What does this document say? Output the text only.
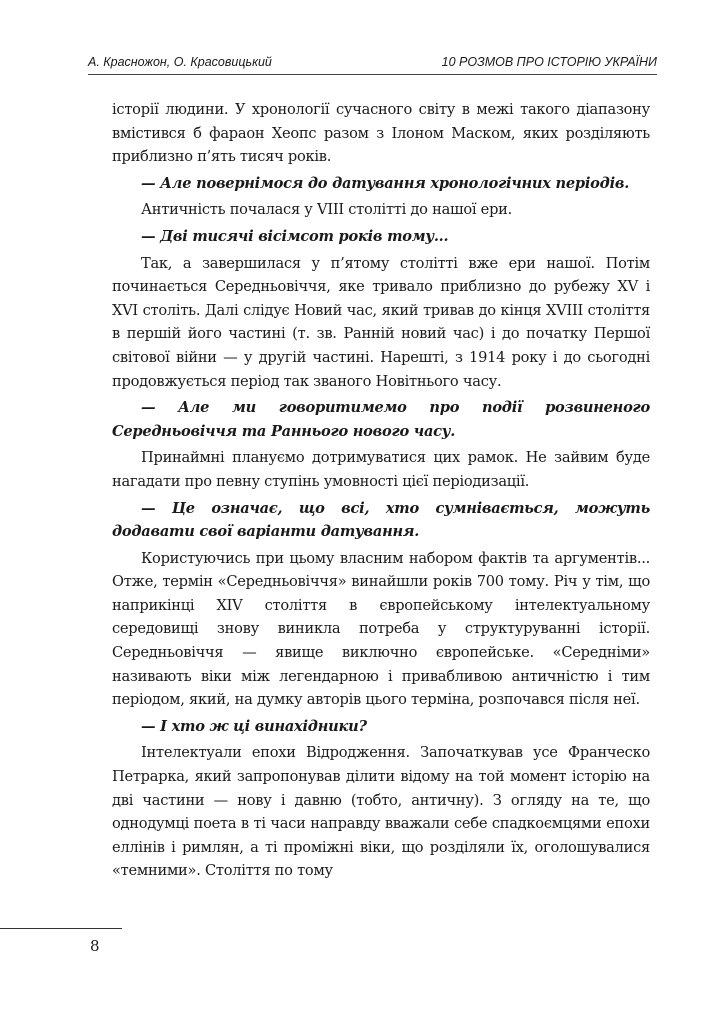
А. Красножон, О. Красовицький	10 РОЗМОВ ПРО ІСТОРІЮ УКРАЇНИ

історії людини. У хронології сучасного світу в межі такого діапазону вмістився б фараон Хеопс разом з Ілоном Маском, яких розділяють приблизно п’ять тисяч років.

— Але повернімося до датування хронологічних періодів.

Античність почалася у VIII столітті до нашої ери.

— Дві тисячі вісімсот років тому...

Так, а завершилася у п’ятому столітті вже ери нашої. Потім починається Середньовіччя, яке тривало приблизно до рубежу XV і XVI століть. Далі слідує Новий час, який тривав до кінця XVIII століття в першій його частині (т. зв. Ранній новий час) і до початку Першої світової війни — у другій частині. Нарешті, з 1914 року і до сьогодні продовжується період так званого Новітнього часу.

— Але ми говоритимемо про події розвиненого Середньовіччя та Раннього нового часу.

Принаймні плануємо дотримуватися цих рамок. Не зайвим буде нагадати про певну ступінь умовності цієї періодизації.

— Це означає, що всі, хто сумнівається, можуть додавати свої варіанти датування.

Користуючись при цьому власним набором фактів та аргументів... Отже, термін «Середньовіччя» винайшли років 700 тому. Річ у тім, що наприкінці XIV століття в європейському інтелектуальному середовищі знову виникла потреба у структуруванні історії. Середньовіччя — явище виключно європейське. «Середніми» називають віки між легендарною і привабливою античністю і тим періодом, який, на думку авторів цього терміна, розпочався після неї.

— І хто ж ці винахідники?

Інтелектуали епохи Відродження. Започаткував усе Франческо Петрарка, який запропонував ділити відому на той момент історію на дві частини — нову і давню (тобто, античну). З огляду на те, що однодумці поета в ті часи направду вважали себе спадкоємцями епохи еллінів і римлян, а ті проміжні віки, що розділяли їх, оголошувалися «темними». Століття по тому

8
